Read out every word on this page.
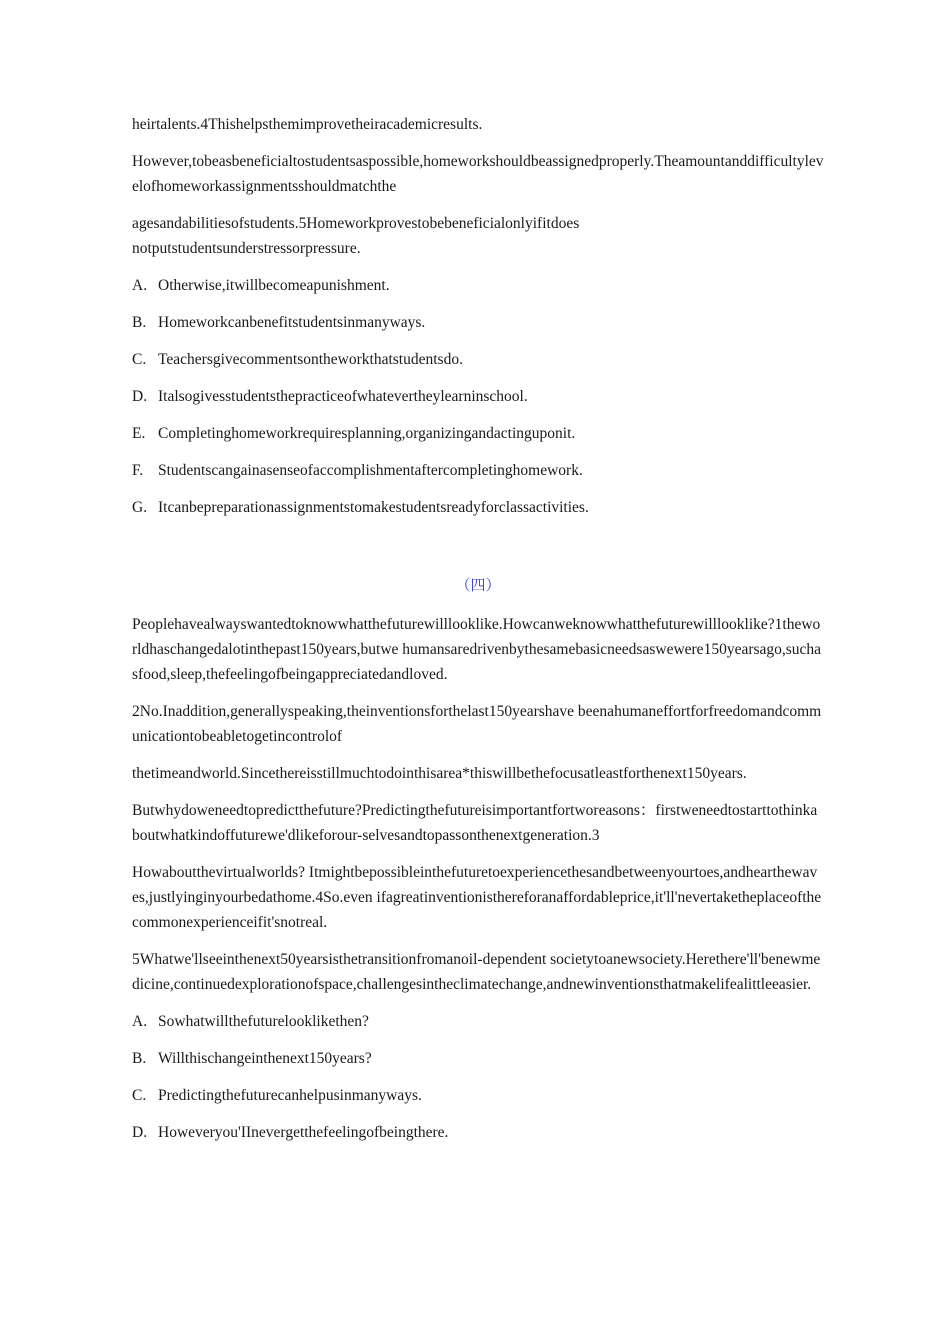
heirtalents.4Thishelpsthemimprovetheiracademicresults.

However,tobeasbeneficialtostudentsaspossible,homeworkshouldbeassignedproperly.Theamountanddifficultylevelofhomeworkassignmentsshouldmatchthe

agesandabilitiesofstudents.5Homeworkprovestobebeneficialonlyifitdoes

notputstudentsunderstressorpressure.

A. Otherwise,itwillbecomeapunishment.

B. Homeworkcanbenefitstudentsinmanyways.

C. Teachersgivecommentsontheworkthatstudentsdo.

D. Italsogivesstudentsthepracticeofwhatevertheylearninschool.

E. Completinghomeworkrequiresplanning,organizingandactinguponit.

F. Studentscangainasenseofaccomplishmentaftercompletinghomework.

G. Itcanbepreparationassignmentstomakestudentsreadyforclassactivities.

（四）

Peoplehavealwayswantedtoknowwhatthefuturewilllooklike.Howcanweknowwhatthefuturewilllooklike?1theworldhaschangedalotinthepast150years,butwe humansaredrivenbythesamebasicneedsaswewere150yearsago,suchasfood,sleep,thefeelingofbeingappreciatedandloved.

2No.Inaddition,generallyspeaking,theinventionsforthelast150yearshave beenahumaneffortforfreedomandcommunicationtobeabletogetincontrolof

thetimeandworld.Sincethereisstillmuchtodointhisarea*thiswillbethefocusatleastforthenext150years.

Butwhydoweneedtopredictthefuture?Predictingthefutureisimportantfortworeasons：firstweneedtostarttothinkaboutwhatkindoffuturewe'dlikeforour-selvesandtopassonthenextgeneration.3

Howaboutthevirtualworlds? Itmightbepossibleinthefuturetoexperiencethesandbetweenyourtoes,andhearthewaves,justlyinginyourbedathome.4So.even ifagreatinventionisthereforanaffordableprice,it'll'nevertaketheplaceofthecommonexperienceifit'snotreal.

5Whatwe'llseeinthenext50yearsisthetransitionfromanoil-dependent societytoanewsociety.Herethere'll'benewmedicine,continuedexplorationofspace,challengesintheclimatechange,andnewinventionsthatmakelifealittleeasier.

A. Sowhatwillthefuturelooklikethen?

B. Willthischangeinthenext150years?

C. Predictingthefuturecanhelpusinmanyways.

D. Howeveryou'IInevergetthefeelingofbeingthere.
